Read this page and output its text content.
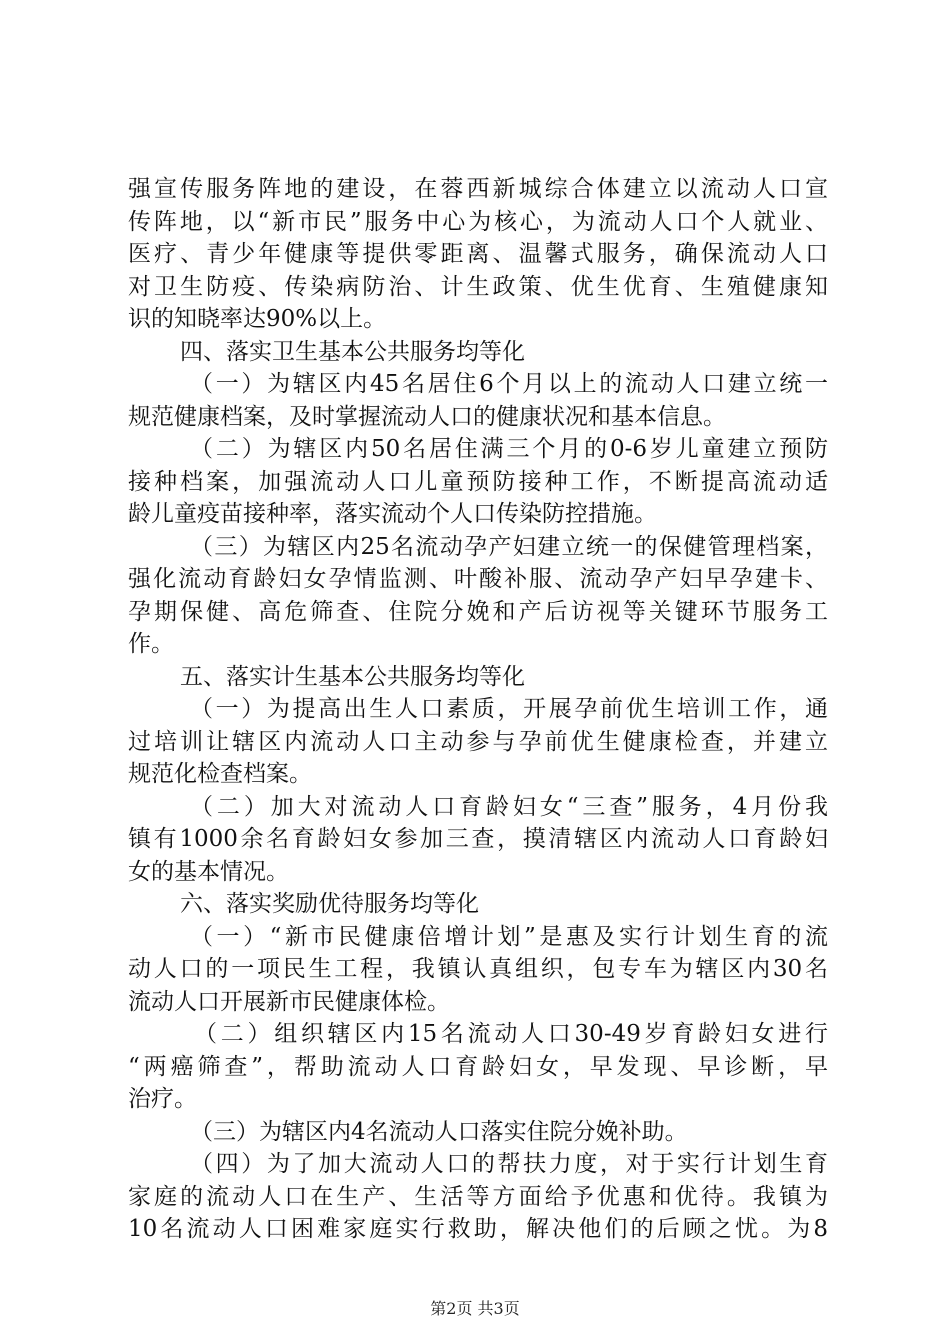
强宣传服务阵地的建设，在蓉西新城综合体建立以流动人口宣
传阵地，以“新市民”服务中心为核心，为流动人口个人就业、
医疗、青少年健康等提供零距离、温馨式服务，确保流动人口
对卫生防疫、传染病防治、计生政策、优生优育、生殖健康知
识的知晓率达90%以上。
四、落实卫生基本公共服务均等化
（一）为辖区内45名居住6个月以上的流动人口建立统一
规范健康档案，及时掌握流动人口的健康状况和基本信息。
（二）为辖区内50名居住满三个月的0-6岁儿童建立预防
接种档案，加强流动人口儿童预防接种工作，不断提高流动适
龄儿童疫苗接种率，落实流动个人口传染防控措施。
（三）为辖区内25名流动孕产妇建立统一的保健管理档案，
强化流动育龄妇女孕情监测、叶酸补服、流动孕产妇早孕建卡、
孕期保健、高危筛查、住院分娩和产后访视等关键环节服务工
作。
五、落实计生基本公共服务均等化
（一）为提高出生人口素质，开展孕前优生培训工作，通
过培训让辖区内流动人口主动参与孕前优生健康检查，并建立
规范化检查档案。
（二）加大对流动人口育龄妇女“三查”服务，4月份我
镇有1000余名育龄妇女参加三查，摸清辖区内流动人口育龄妇
女的基本情况。
六、落实奖励优待服务均等化
（一）“新市民健康倍增计划”是惠及实行计划生育的流
动人口的一项民生工程，我镇认真组织，包专车为辖区内30名
流动人口开展新市民健康体检。
（二）组织辖区内15名流动人口30-49岁育龄妇女进行
“两癌筛查”，帮助流动人口育龄妇女，早发现、早诊断，早
治疗。
（三）为辖区内4名流动人口落实住院分娩补助。
（四）为了加大流动人口的帮扶力度，对于实行计划生育
家庭的流动人口在生产、生活等方面给予优惠和优待。我镇为
10名流动人口困难家庭实行救助，解决他们的后顾之忧。为8
第2页 共3页
